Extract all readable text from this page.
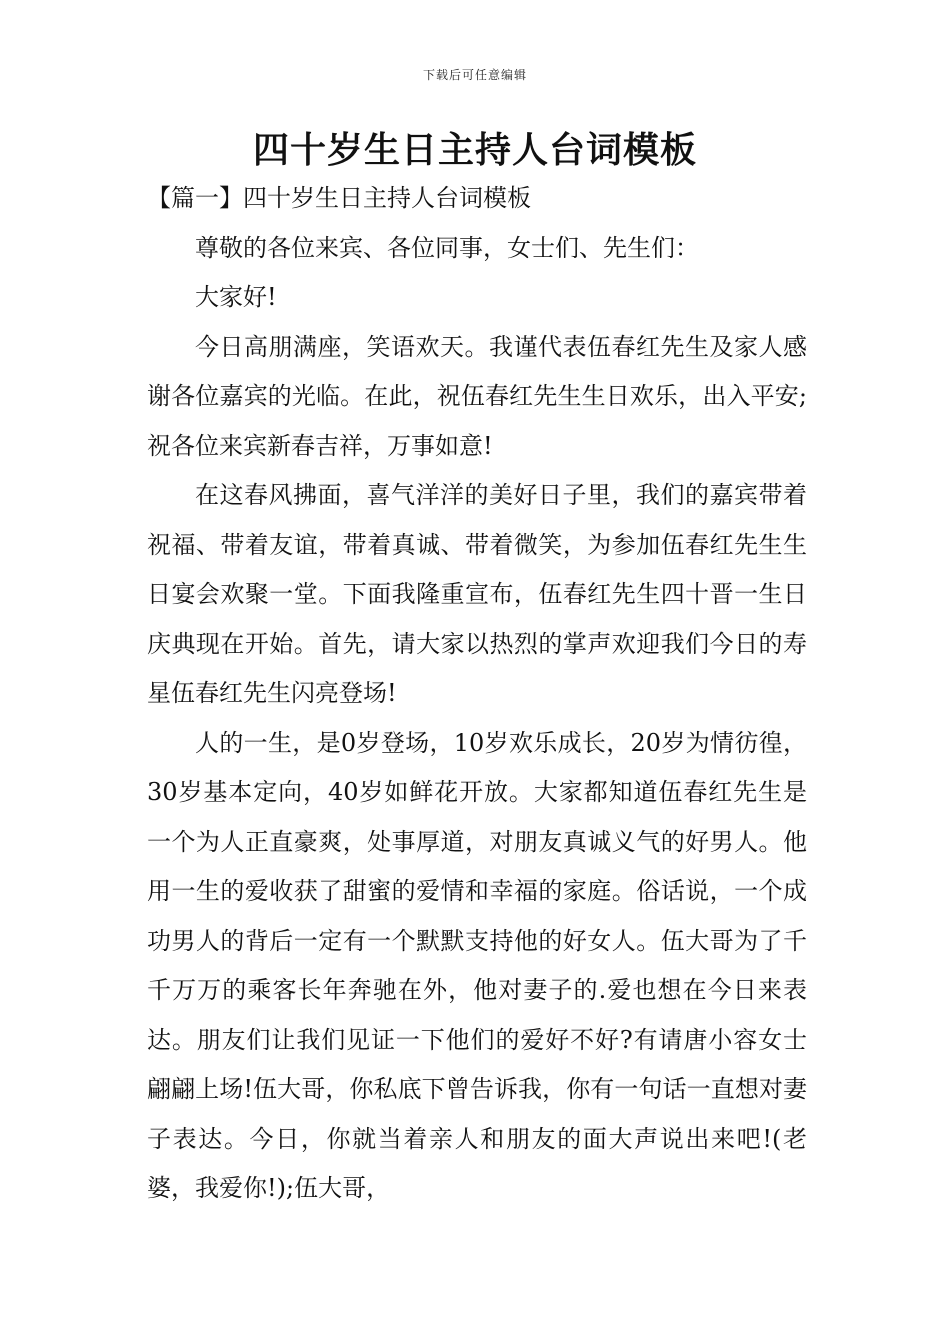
下载后可任意编辑
四十岁生日主持人台词模板
【篇一】四十岁生日主持人台词模板

尊敬的各位来宾、各位同事，女士们、先生们：

大家好!

今日高朋满座，笑语欢天。我谨代表伍春红先生及家人感谢各位嘉宾的光临。在此，祝伍春红先生生日欢乐，出入平安;祝各位来宾新春吉祥，万事如意!

在这春风拂面，喜气洋洋的美好日子里，我们的嘉宾带着祝福、带着友谊，带着真诚、带着微笑，为参加伍春红先生生日宴会欢聚一堂。下面我隆重宣布，伍春红先生四十晋一生日庆典现在开始。首先，请大家以热烈的掌声欢迎我们今日的寿星伍春红先生闪亮登场!

人的一生，是0岁登场，10岁欢乐成长，20岁为情彷徨，30岁基本定向，40岁如鲜花开放。大家都知道伍春红先生是一个为人正直豪爽，处事厚道，对朋友真诚义气的好男人。他用一生的爱收获了甜蜜的爱情和幸福的家庭。俗话说，一个成功男人的背后一定有一个默默支持他的好女人。伍大哥为了千千万万的乘客长年奔驰在外，他对妻子的.爱也想在今日来表达。朋友们让我们见证一下他们的爱好不好?有请唐小容女士翩翩上场!伍大哥，你私底下曾告诉我，你有一句话一直想对妻子表达。今日，你就当着亲人和朋友的面大声说出来吧!(老婆，我爱你!);伍大哥，
